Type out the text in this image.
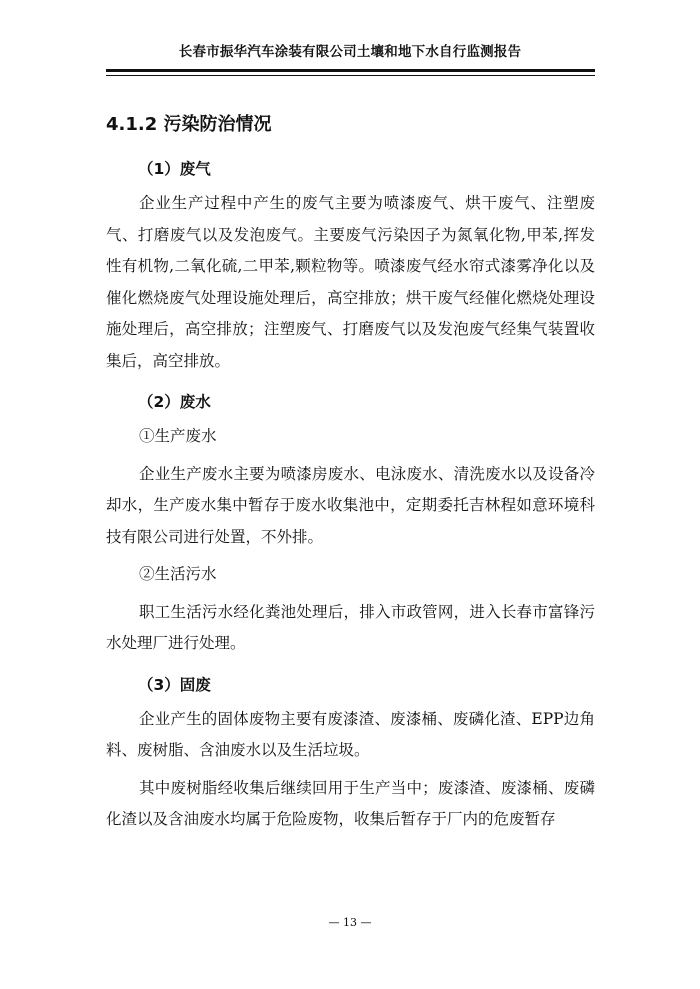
长春市振华汽车涂装有限公司土壤和地下水自行监测报告
4.1.2 污染防治情况
（1）废气

企业生产过程中产生的废气主要为喷漆废气、烘干废气、注塑废气、打磨废气以及发泡废气。主要废气污染因子为氮氧化物,甲苯,挥发性有机物,二氧化硫,二甲苯,颗粒物等。喷漆废气经水帘式漆雾净化以及催化燃烧废气处理设施处理后，高空排放；烘干废气经催化燃烧处理设施处理后，高空排放；注塑废气、打磨废气以及发泡废气经集气装置收集后，高空排放。

（2）废水

①生产废水

企业生产废水主要为喷漆房废水、电泳废水、清洗废水以及设备冷却水，生产废水集中暂存于废水收集池中，定期委托吉林程如意环境科技有限公司进行处置，不外排。

②生活污水

职工生活污水经化粪池处理后，排入市政管网，进入长春市富锋污水处理厂进行处理。

（3）固废

企业产生的固体废物主要有废漆渣、废漆桶、废磷化渣、EPP边角料、废树脂、含油废水以及生活垃圾。

其中废树脂经收集后继续回用于生产当中；废漆渣、废漆桶、废磷化渣以及含油废水均属于危险废物，收集后暂存于厂内的危废暂存

— 13 —
